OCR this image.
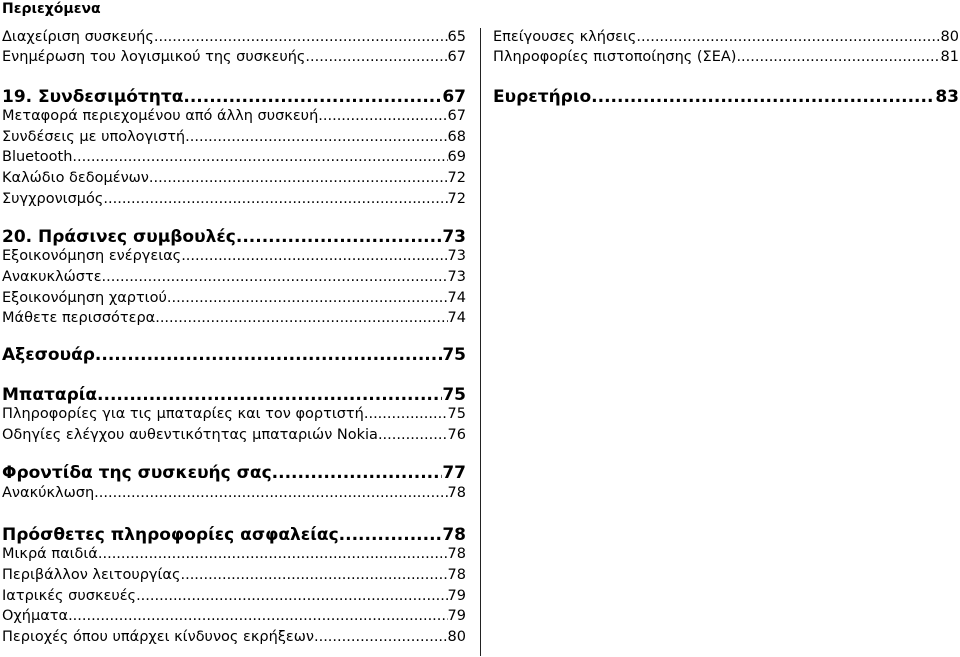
Περιεχόμενα
Διαχείριση συσκευής .....	65
Ενημέρωση του λογισμικού της συσκευής .....	67
19. Συνδεσιμότητα .....	67
Μεταφορά περιεχομένου από άλλη συσκευή .....	67
Συνδέσεις με υπολογιστή .....	68
Bluetooth .....	69
Καλώδιο δεδομένων .....	72
Συγχρονισμός .....	72
20. Πράσινες συμβουλές .....	73
Εξοικονόμηση ενέργειας .....	73
Ανακυκλώστε .....	73
Εξοικονόμηση χαρτιού .....	74
Μάθετε περισσότερα .....	74
Αξεσουάρ .....	75
Μπαταρία .....	75
Πληροφορίες για τις μπαταρίες και τον φορτιστή .....	75
Οδηγίες ελέγχου αυθεντικότητας μπαταριών Nokia .....	76
Φροντίδα της συσκευής σας .....	77
Ανακύκλωση .....	78
Πρόσθετες πληροφορίες ασφαλείας .....	78
Μικρά παιδιά .....	78
Περιβάλλον λειτουργίας .....	78
Ιατρικές συσκευές .....	79
Οχήματα .....	79
Περιοχές όπου υπάρχει κίνδυνος εκρήξεων .....	80
Επείγουσες κλήσεις .....	80
Πληροφορίες πιστοποίησης (ΣΕΑ) .....	81
Ευρετήριο .....	83
